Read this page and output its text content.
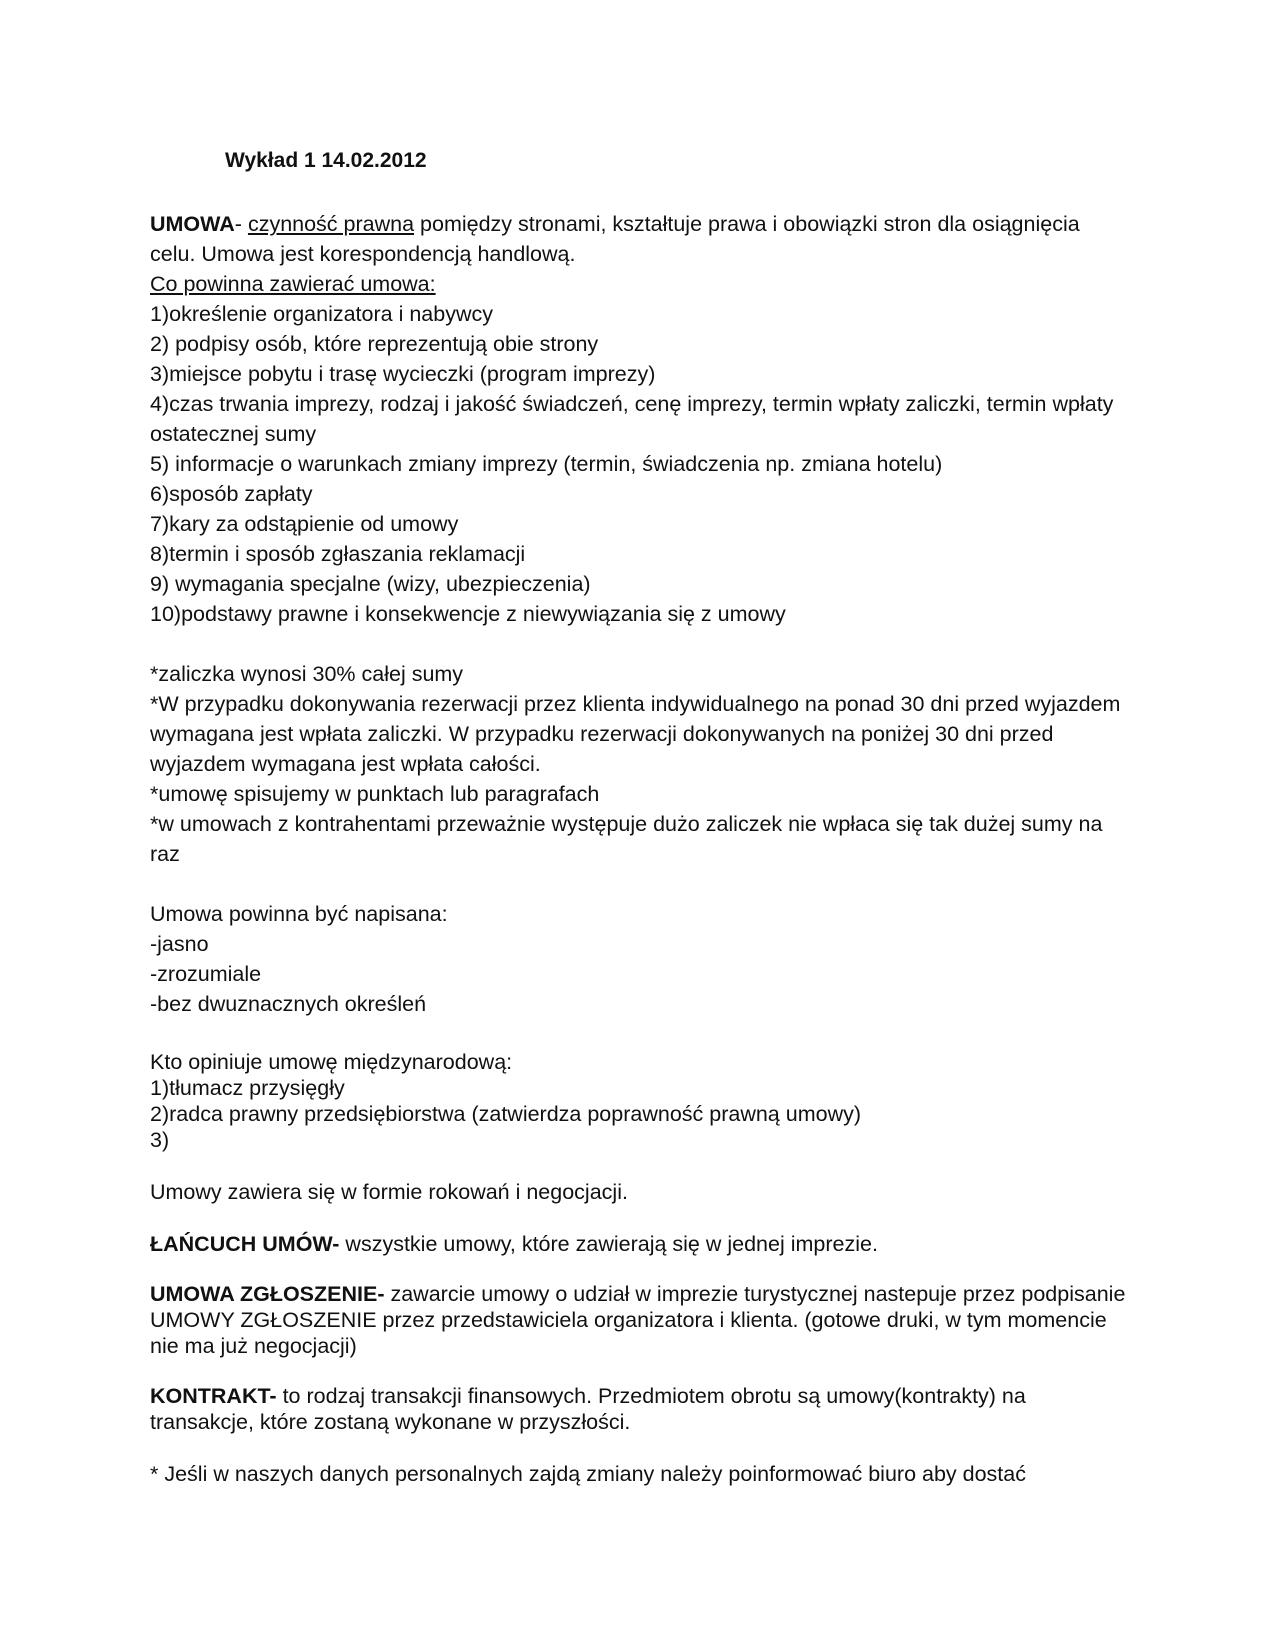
Wykład 1 14.02.2012

UMOWA- czynność prawna pomiędzy stronami, kształtuje prawa i obowiązki stron dla osiągnięcia celu. Umowa jest korespondencją handlową.
Co powinna zawierać umowa:
1)określenie organizatora i nabywcy
2) podpisy osób, które reprezentują obie strony
3)miejsce pobytu i trasę wycieczki (program imprezy)
4)czas trwania imprezy, rodzaj i jakość świadczeń, cenę imprezy, termin wpłaty zaliczki, termin wpłaty ostatecznej sumy
5) informacje o warunkach zmiany imprezy (termin, świadczenia np. zmiana hotelu)
6)sposób zapłaty
7)kary za odstąpienie od umowy
8)termin i sposób zgłaszania reklamacji
9) wymagania specjalne (wizy, ubezpieczenia)
10)podstawy prawne i konsekwencje z niewywiązania się z umowy
*zaliczka wynosi 30% całej sumy
*W przypadku dokonywania rezerwacji przez klienta indywidualnego na ponad 30 dni przed wyjazdem wymagana jest wpłata zaliczki. W przypadku rezerwacji dokonywanych na poniżej 30 dni przed wyjazdem wymagana jest wpłata całości.
*umowę spisujemy w punktach lub paragrafach
*w umowach z kontrahentami przeważnie występuje dużo zaliczek nie wpłaca się tak dużej sumy na raz
Umowa powinna być napisana:
-jasno
-zrozumiale
-bez dwuznacznych określeń
Kto opiniuje umowę międzynarodową:
1)tłumacz przysięgły
2)radca prawny przedsiębiorstwa (zatwierdza poprawność prawną umowy)
3)
Umowy zawiera się w formie rokowań i negocjacji.
ŁAŃCUCH UMÓW- wszystkie umowy, które zawierają się w jednej imprezie.
UMOWA ZGŁOSZENIE- zawarcie umowy o udział w imprezie turystycznej nastepuje przez podpisanie UMOWY ZGŁOSZENIE przez przedstawiciela organizatora i klienta. (gotowe druki, w tym momencie nie ma już negocjacji)
KONTRAKT- to rodzaj transakcji finansowych. Przedmiotem obrotu są umowy(kontrakty) na transakcje, które zostaną wykonane w przyszłości.
* Jeśli w naszych danych personalnych zajdą zmiany należy poinformować biuro aby dostać
